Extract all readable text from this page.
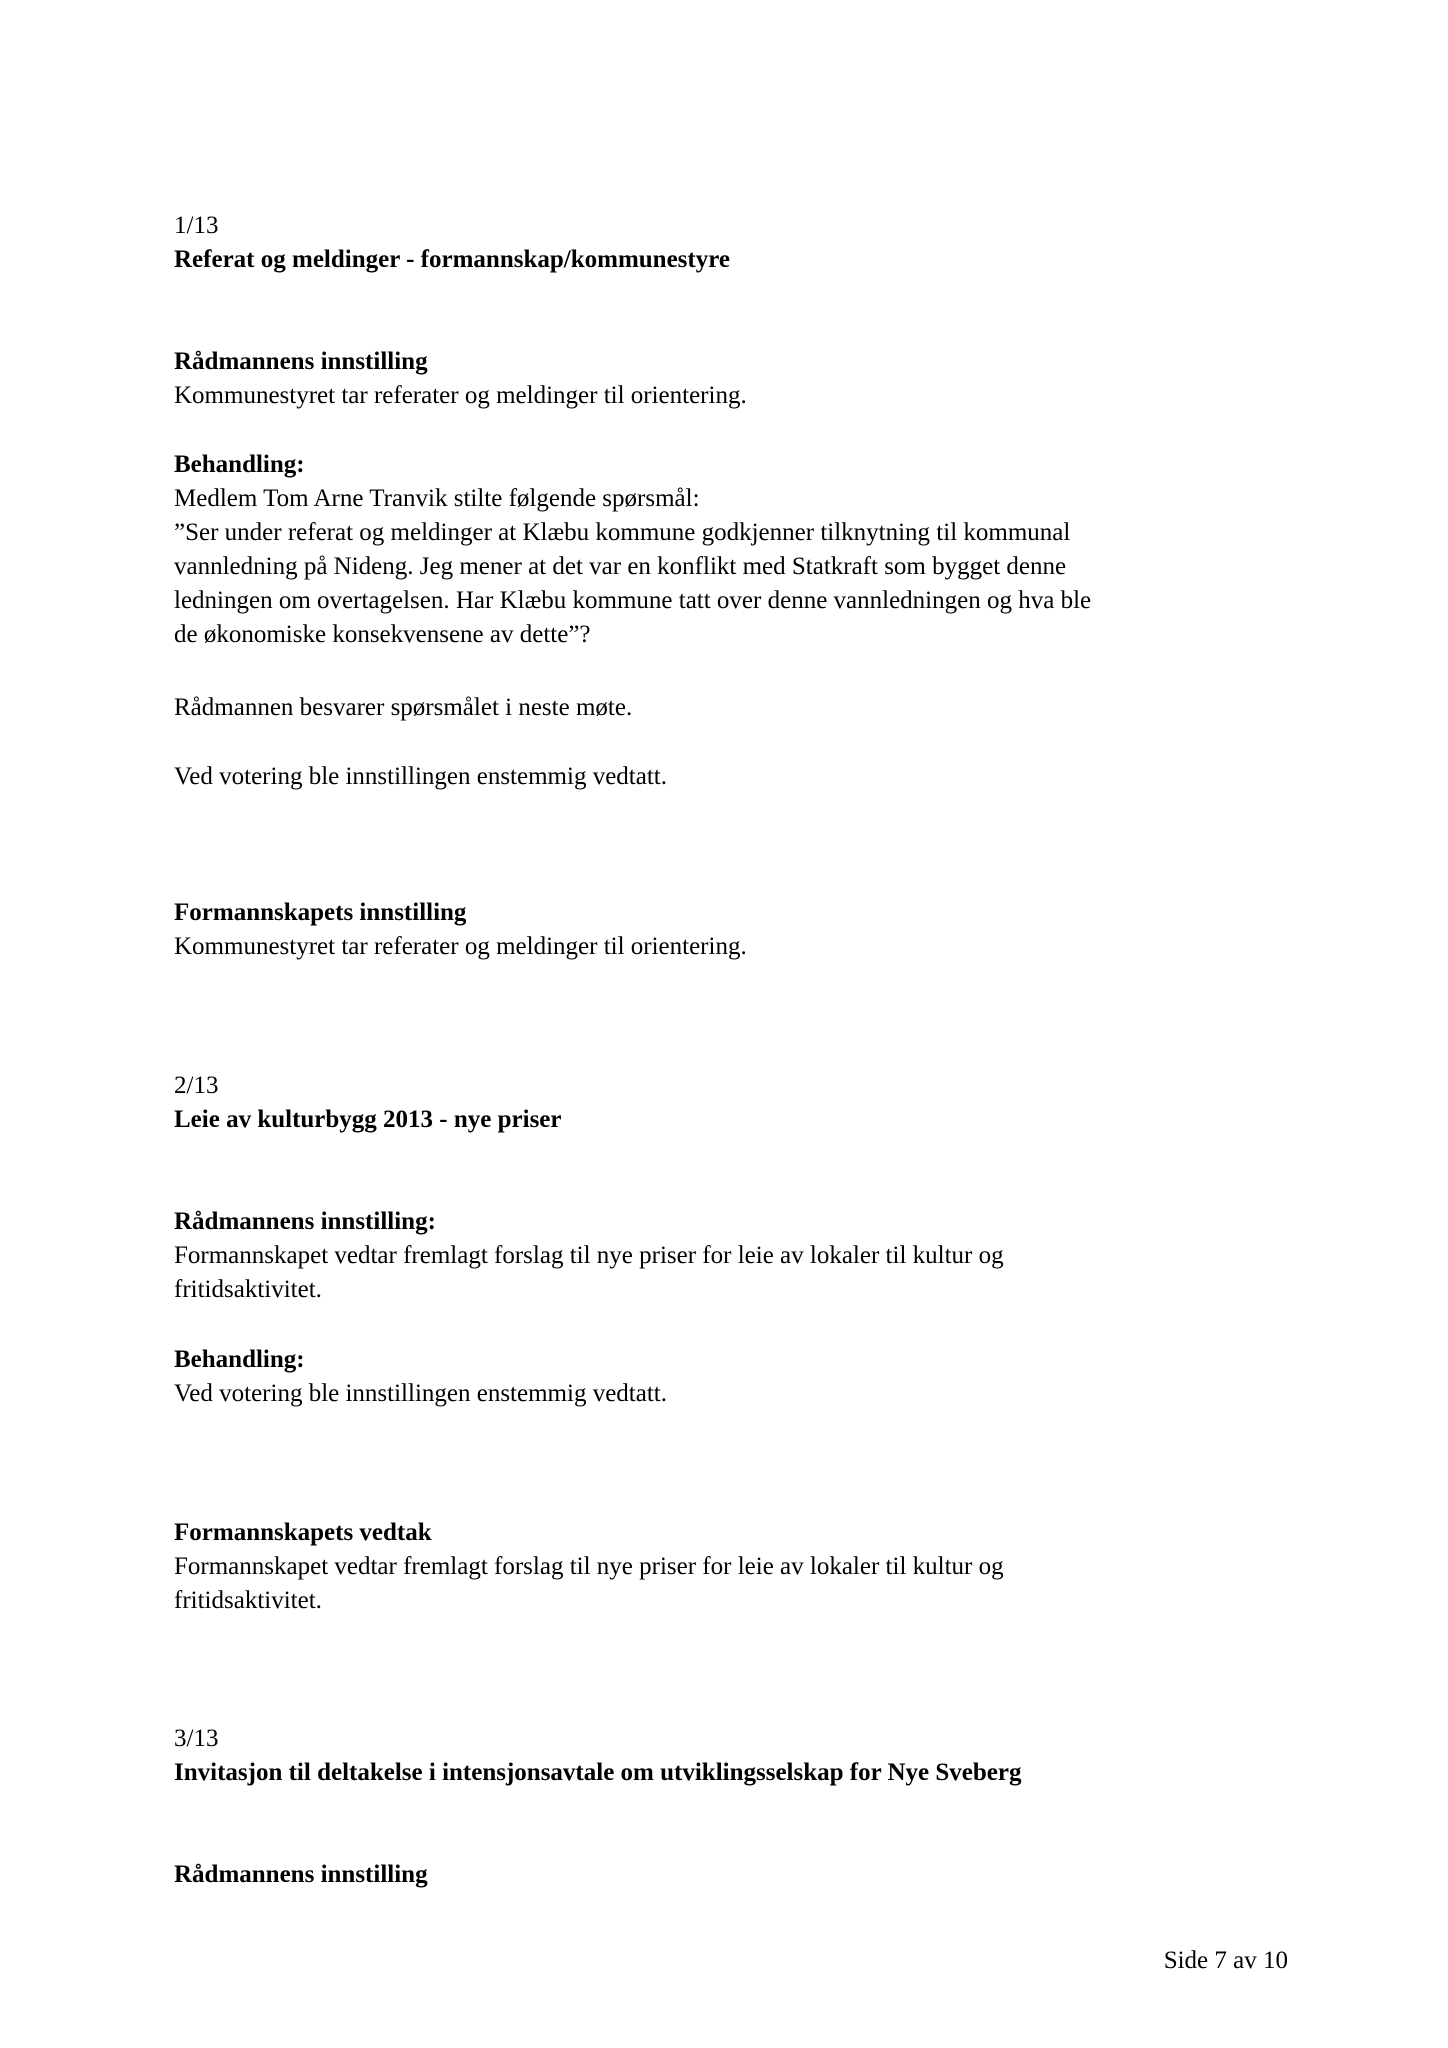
1/13

Referat og meldinger - formannskap/kommunestyre

Rådmannens innstilling

Kommunestyret tar referater og meldinger til orientering.

Behandling:

Medlem Tom Arne Tranvik stilte følgende spørsmål:

”Ser under referat og meldinger at Klæbu kommune godkjenner tilknytning til kommunal

vannledning på Nideng. Jeg mener at det var en konflikt med Statkraft som bygget denne

ledningen om overtagelsen. Har Klæbu kommune tatt over denne vannledningen og hva ble

de økonomiske konsekvensene av dette”?

Rådmannen besvarer spørsmålet i neste møte.

Ved votering ble innstillingen enstemmig vedtatt.

Formannskapets innstilling

Kommunestyret tar referater og meldinger til orientering.

2/13

Leie av kulturbygg 2013 - nye priser

Rådmannens innstilling:

Formannskapet vedtar fremlagt forslag til nye priser for leie av lokaler til kultur og

fritidsaktivitet.

Behandling:

Ved votering ble innstillingen enstemmig vedtatt.

Formannskapets vedtak

Formannskapet vedtar fremlagt forslag til nye priser for leie av lokaler til kultur og

fritidsaktivitet.

3/13

Invitasjon til deltakelse i intensjonsavtale om utviklingsselskap for Nye Sveberg

Rådmannens innstilling

Side 7 av 10
